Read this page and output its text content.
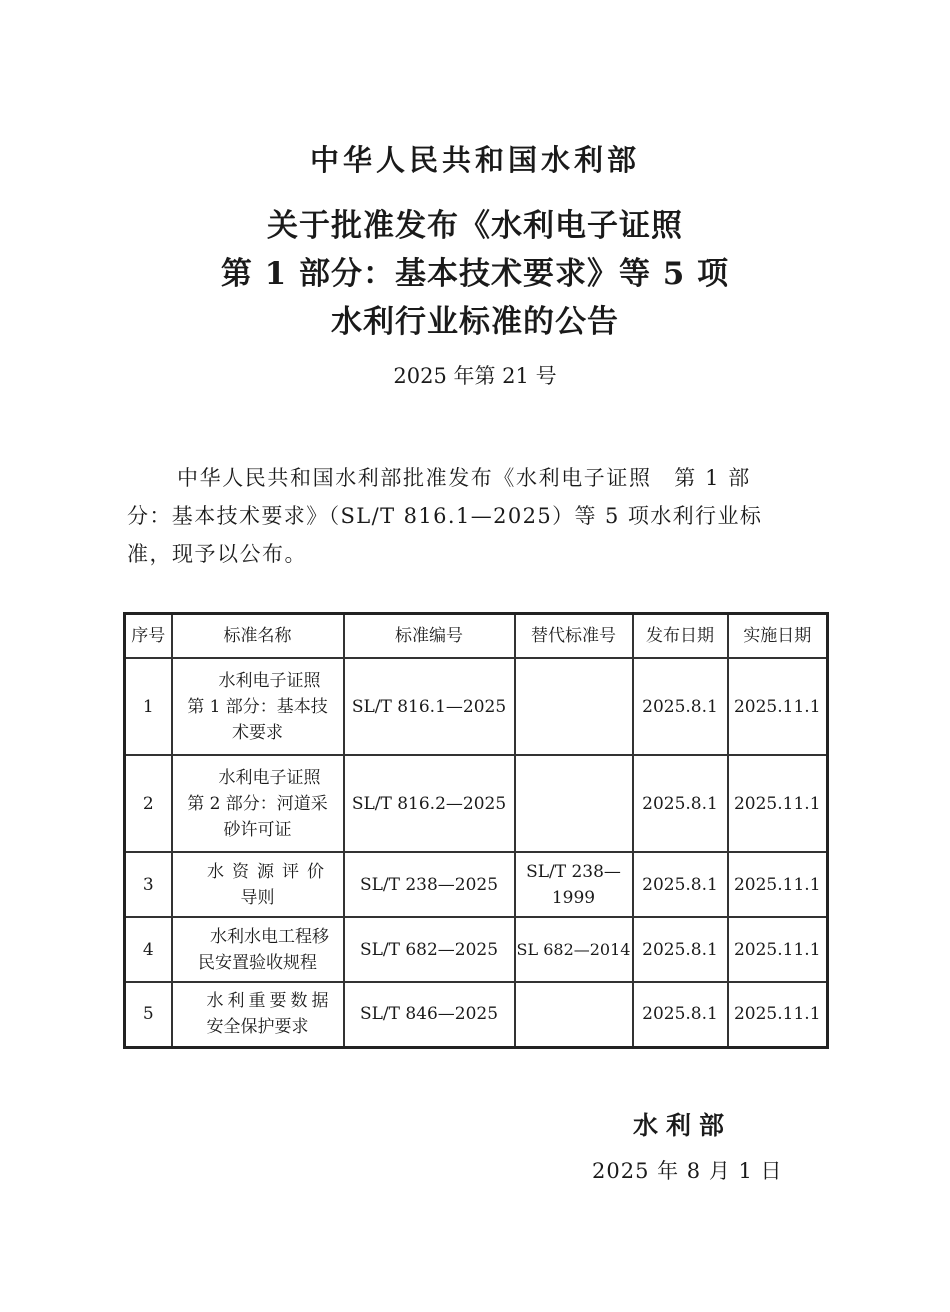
中华人民共和国水利部
关于批准发布《水利电子证照
第 1 部分：基本技术要求》等 5 项
水利行业标准的公告
2025 年第 21 号
中华人民共和国水利部批准发布《水利电子证照　第 1 部
分：基本技术要求》（SL/T 816.1—2025）等 5 项水利行业标
准，现予以公布。
序号	标准名称	标准编号	替代标准号	发布日期	实施日期
1	水利电子证照
第 1 部分：基本技
术要求	SL/T 816.1—2025		2025.8.1	2025.11.1
2	水利电子证照
第 2 部分：河道采
砂许可证	SL/T 816.2—2025		2025.8.1	2025.11.1
3	水资源评价
导则	SL/T 238—2025	SL/T 238—
1999	2025.8.1	2025.11.1
4	水利水电工程移
民安置验收规程	SL/T 682—2025	SL 682—2014	2025.8.1	2025.11.1
5	水利重要数据
安全保护要求	SL/T 846—2025		2025.8.1	2025.11.1
水利部
2025 年 8 月 1 日
